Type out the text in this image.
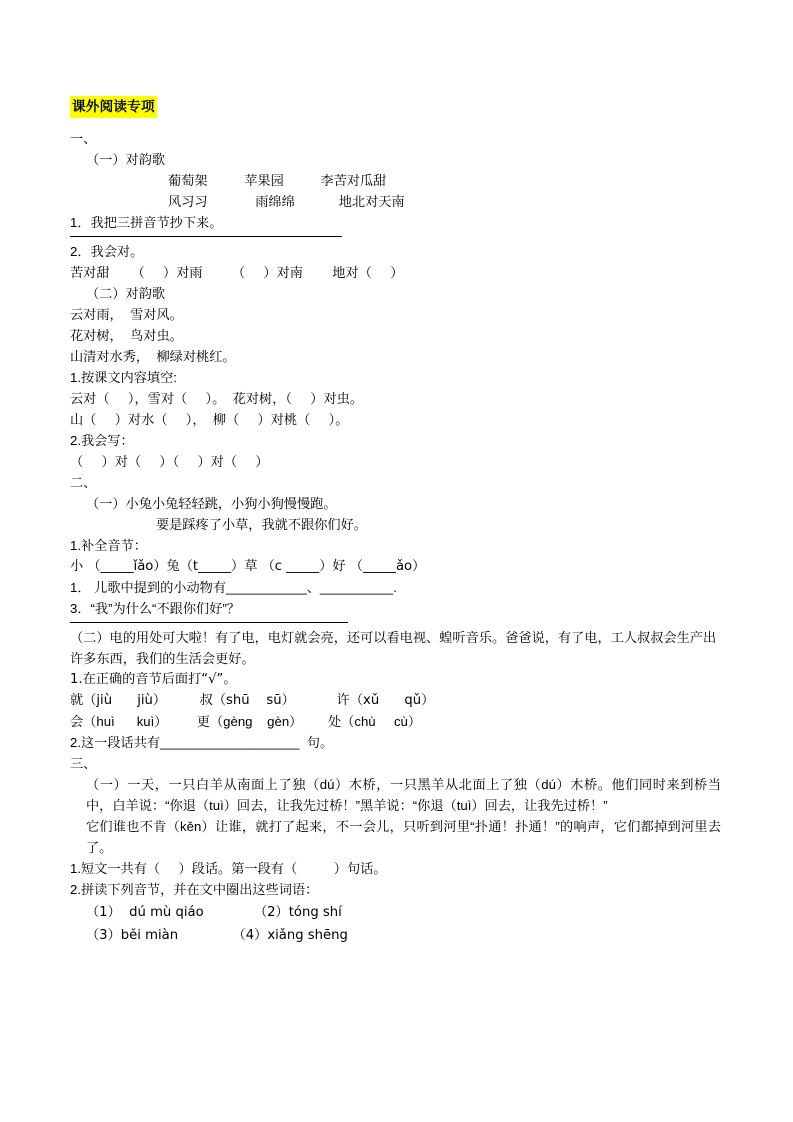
课外阅读专项

一、

（一）对韵歌

葡萄架          苹果园          李苦对瓜甜

风习习             雨绵绵            地北对天南

1．我把三拼音节抄下来。

2．我会对。

苦对甜      （     ）对雨        （     ）对南        地对（     ）

（二）对韵歌

云对雨，  雪对风。

花对树，  鸟对虫。

山清对水秀，  柳绿对桃红。

1.按课文内容填空:

云对（     ），雪对（     ）。  花对树，（     ）对虫。

山（     ）对水（     ），  柳（     ）对桃（     ）。

2.我会写：

（     ）对（     ）（     ）对（     ）

二、

（一）小兔小兔轻轻跳，小狗小狗慢慢跑。

要是踩疼了小草，我就不跟你们好。

1.补全音节：

小 （_____ǐǎo）兔（t_____）草 （c _____）好 （_____ǎo）

1． 儿歌中提到的小动物有___________、__________.

3．“我”为什么“不跟你们好”？

（二）电的用处可大啦！有了电，电灯就会亮，还可以看电视、蝗听音乐。爸爸说，有了电，工人叔叔会生产出许多东西，我们的生活会更好。

1.在正确的音节后面打“√”。

就（jiù      jiù）        叔（shū    sū）          许（xǔ      qǔ）

会（huì      kuì）        更（gèng    gèn）       处（chù     cù）

2.这一段话共有___________________  句。

三、

（一）一天，一只白羊从南面上了独（dú）木桥，一只黑羊从北面上了独（dú）木桥。他们同时来到桥当中，白羊说：“你退（tuì）回去，让我先过桥！”黑羊说：“你退（tuì）回去，让我先过桥！”

它们谁也不肯（kěn）让谁，就打了起来，不一会儿，只听到河里“扑通！扑通！”的响声，它们都掉到河里去了。

1.短文一共有（     ）段话。第一段有（          ）句话。

2.拼读下列音节，并在文中圈出这些词语：

（1）  dú mù qiáo            （2）tóng shí

（3）běi miàn             （4）xiǎng shēng
